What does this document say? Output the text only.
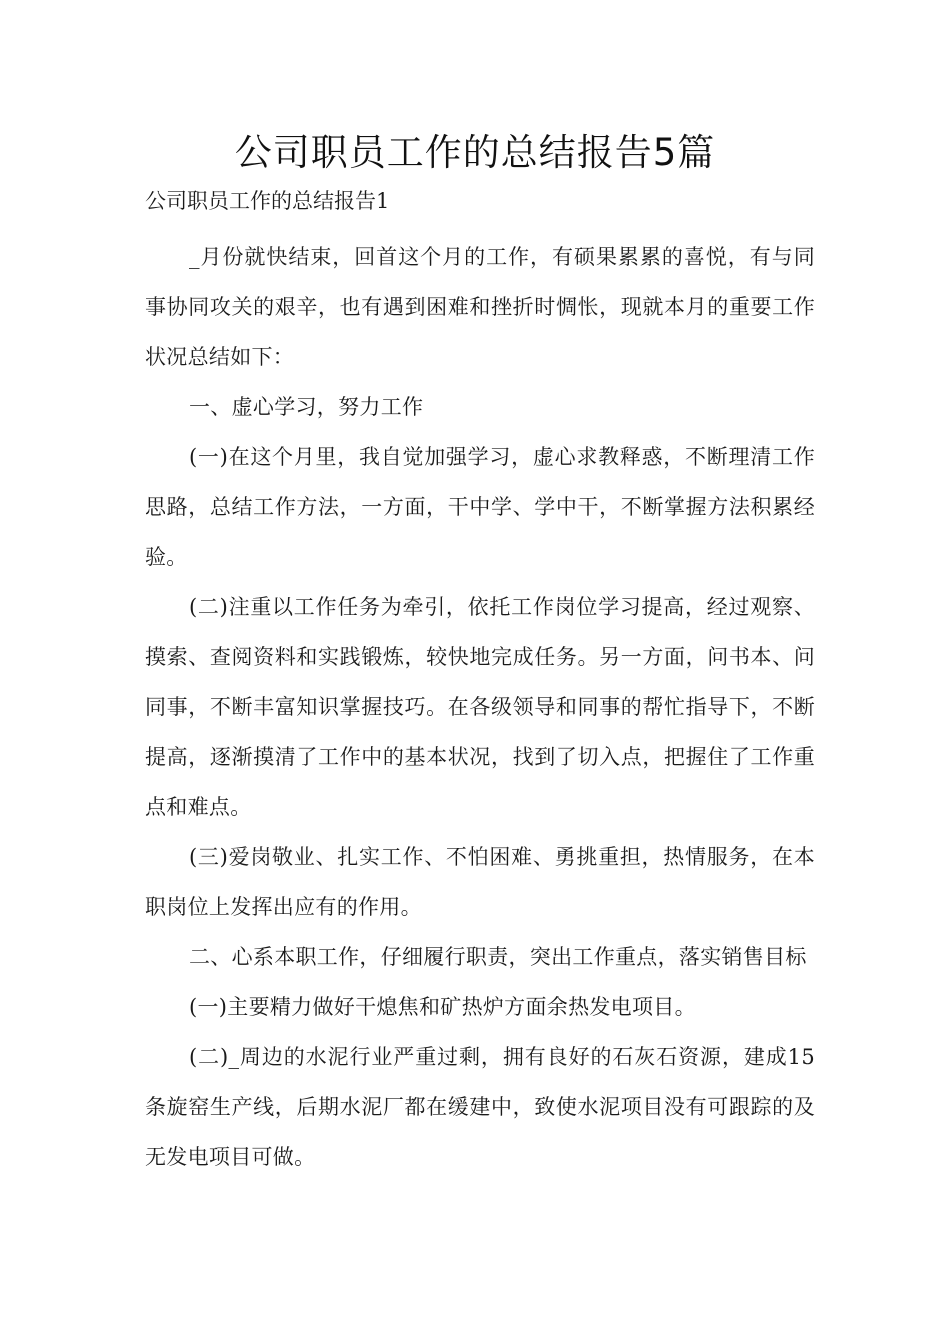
公司职员工作的总结报告5篇
公司职员工作的总结报告1

_月份就快结束，回首这个月的工作，有硕果累累的喜悦，有与同事协同攻关的艰辛，也有遇到困难和挫折时惆怅，现就本月的重要工作状况总结如下：

一、虚心学习，努力工作

(一)在这个月里，我自觉加强学习，虚心求教释惑，不断理清工作思路，总结工作方法，一方面，干中学、学中干，不断掌握方法积累经验。

(二)注重以工作任务为牵引，依托工作岗位学习提高，经过观察、摸索、查阅资料和实践锻炼，较快地完成任务。另一方面，问书本、问同事，不断丰富知识掌握技巧。在各级领导和同事的帮忙指导下，不断提高，逐渐摸清了工作中的基本状况，找到了切入点，把握住了工作重点和难点。

(三)爱岗敬业、扎实工作、不怕困难、勇挑重担，热情服务，在本职岗位上发挥出应有的作用。

二、心系本职工作，仔细履行职责，突出工作重点，落实销售目标

(一)主要精力做好干熄焦和矿热炉方面余热发电项目。

(二)_周边的水泥行业严重过剩，拥有良好的石灰石资源，建成15条旋窑生产线，后期水泥厂都在缓建中，致使水泥项目没有可跟踪的及无发电项目可做。
